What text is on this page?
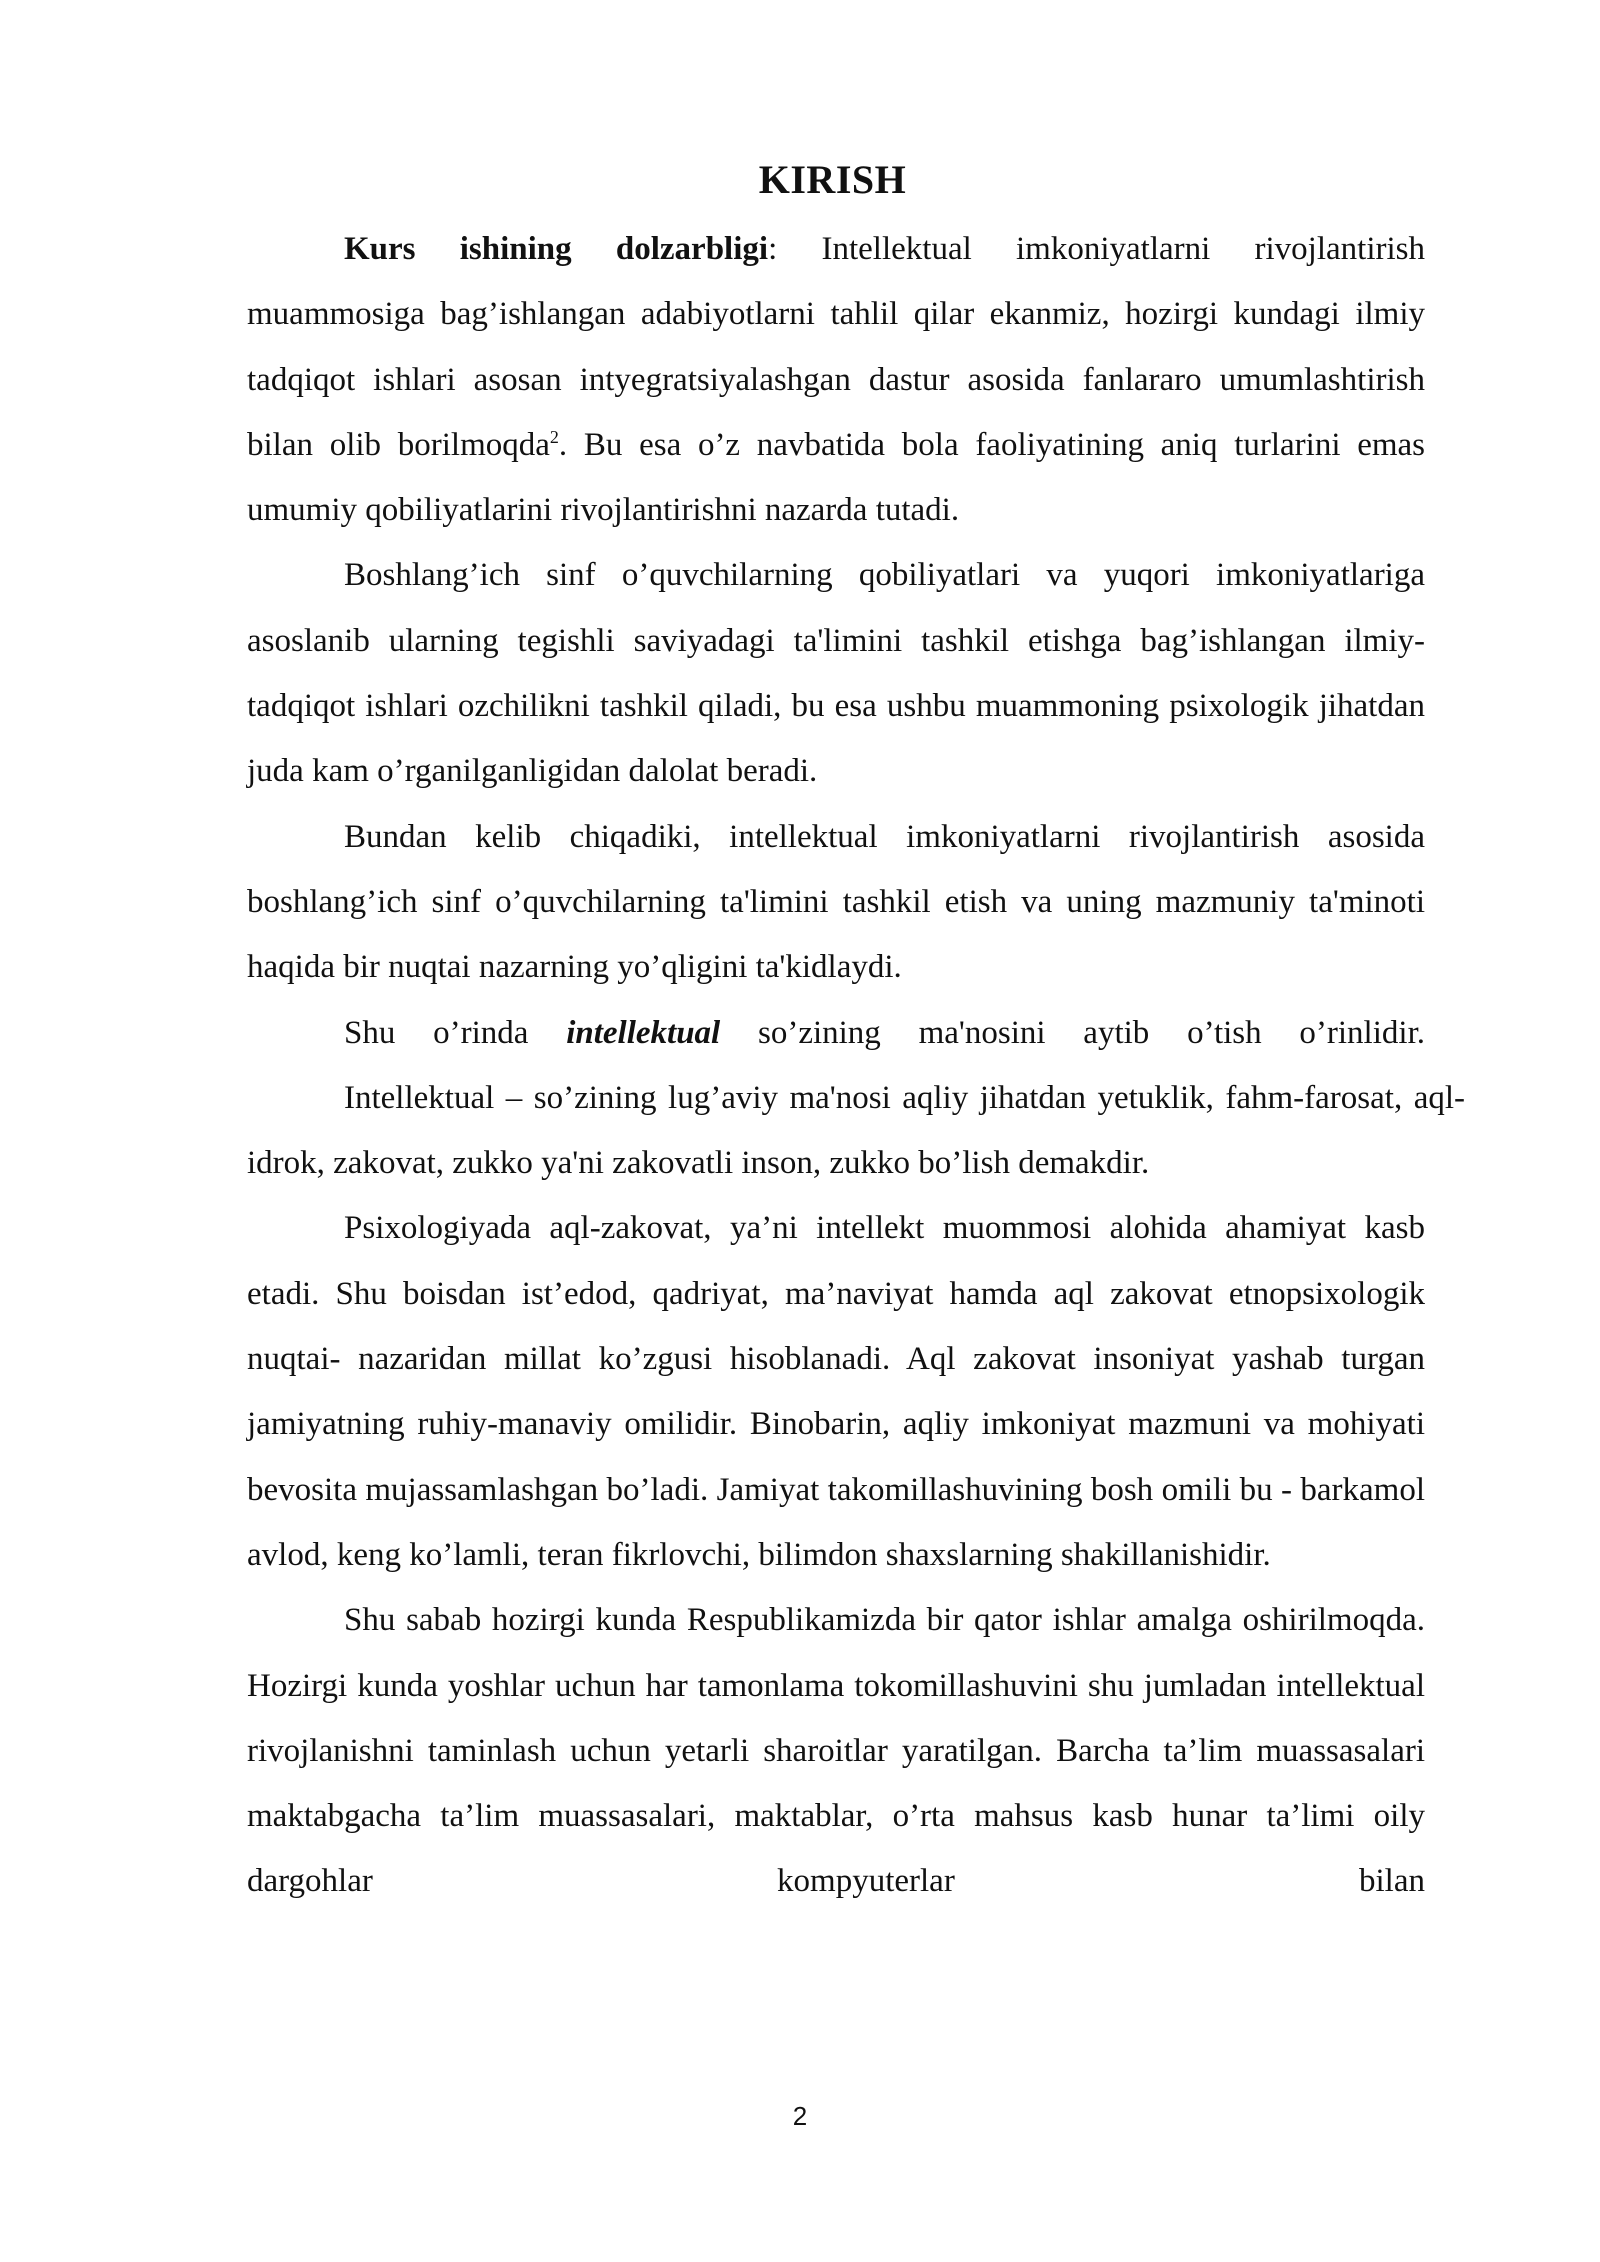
KIRISH

Kurs ishining dolzarbligi: Intellektual imkoniyatlarni rivojlantirish muammosiga bag’ishlangan adabiyotlarni tahlil qilar ekanmiz, hozirgi kundagi ilmiy tadqiqot ishlari asosan intyegratsiyalashgan dastur asosida fanlararo umumlashtirish bilan olib borilmoqda$^2$. Bu esa o’z navbatida bola faoliyatining aniq turlarini emas umumiy qobiliyatlarini rivojlantirishni nazarda tutadi.

Boshlang’ich sinf o’quvchilarning qobiliyatlari va yuqori imkoniyatlariga asoslanib ularning tegishli saviyadagi ta'limini tashkil etishga bag’ishlangan ilmiy- tadqiqot ishlari ozchilikni tashkil qiladi, bu esa ushbu muammoning psixologik jihatdan juda kam o’rganilganligidan dalolat beradi.

Bundan kelib chiqadiki, intellektual imkoniyatlarni rivojlantirish asosida boshlang’ich sinf o’quvchilarning ta'limini tashkil etish va uning mazmuniy ta'minoti haqida bir nuqtai nazarning yo’qligini ta'kidlaydi.

Shu o’rinda intellektual so’zining ma'nosini aytib o’tish o’rinlidir.

Intellektual – so’zining lug’aviy ma'nosi aqliy jihatdan yetuklik, fahm-farosat, aql-idrok, zakovat, zukko ya'ni zakovatli inson, zukko bo’lish demakdir.

Psixologiyada aql-zakovat, ya’ni intellekt muommosi alohida ahamiyat kasb etadi. Shu boisdan ist’edod, qadriyat, ma’naviyat hamda aql zakovat etnopsixologik nuqtai- nazaridan millat ko’zgusi hisoblanadi. Aql zakovat insoniyat yashab turgan jamiyatning ruhiy-manaviy omilidir. Binobarin, aqliy imkoniyat mazmuni va mohiyati bevosita mujassamlashgan bo’ladi. Jamiyat takomillashuvining bosh omili bu - barkamol avlod, keng ko’lamli, teran fikrlovchi, bilimdon shaxslarning shakillanishidir.

Shu sabab hozirgi kunda Respublikamizda bir qator ishlar amalga oshirilmoqda. Hozirgi kunda yoshlar uchun har tamonlama tokomillashuvini shu jumladan intellektual rivojlanishni taminlash uchun yetarli sharoitlar yaratilgan. Barcha ta’lim muassasalari maktabgacha ta’lim muassasalari, maktablar, o’rta mahsus kasb hunar ta’limi oily dargohlar kompyuterlar bilan

2
